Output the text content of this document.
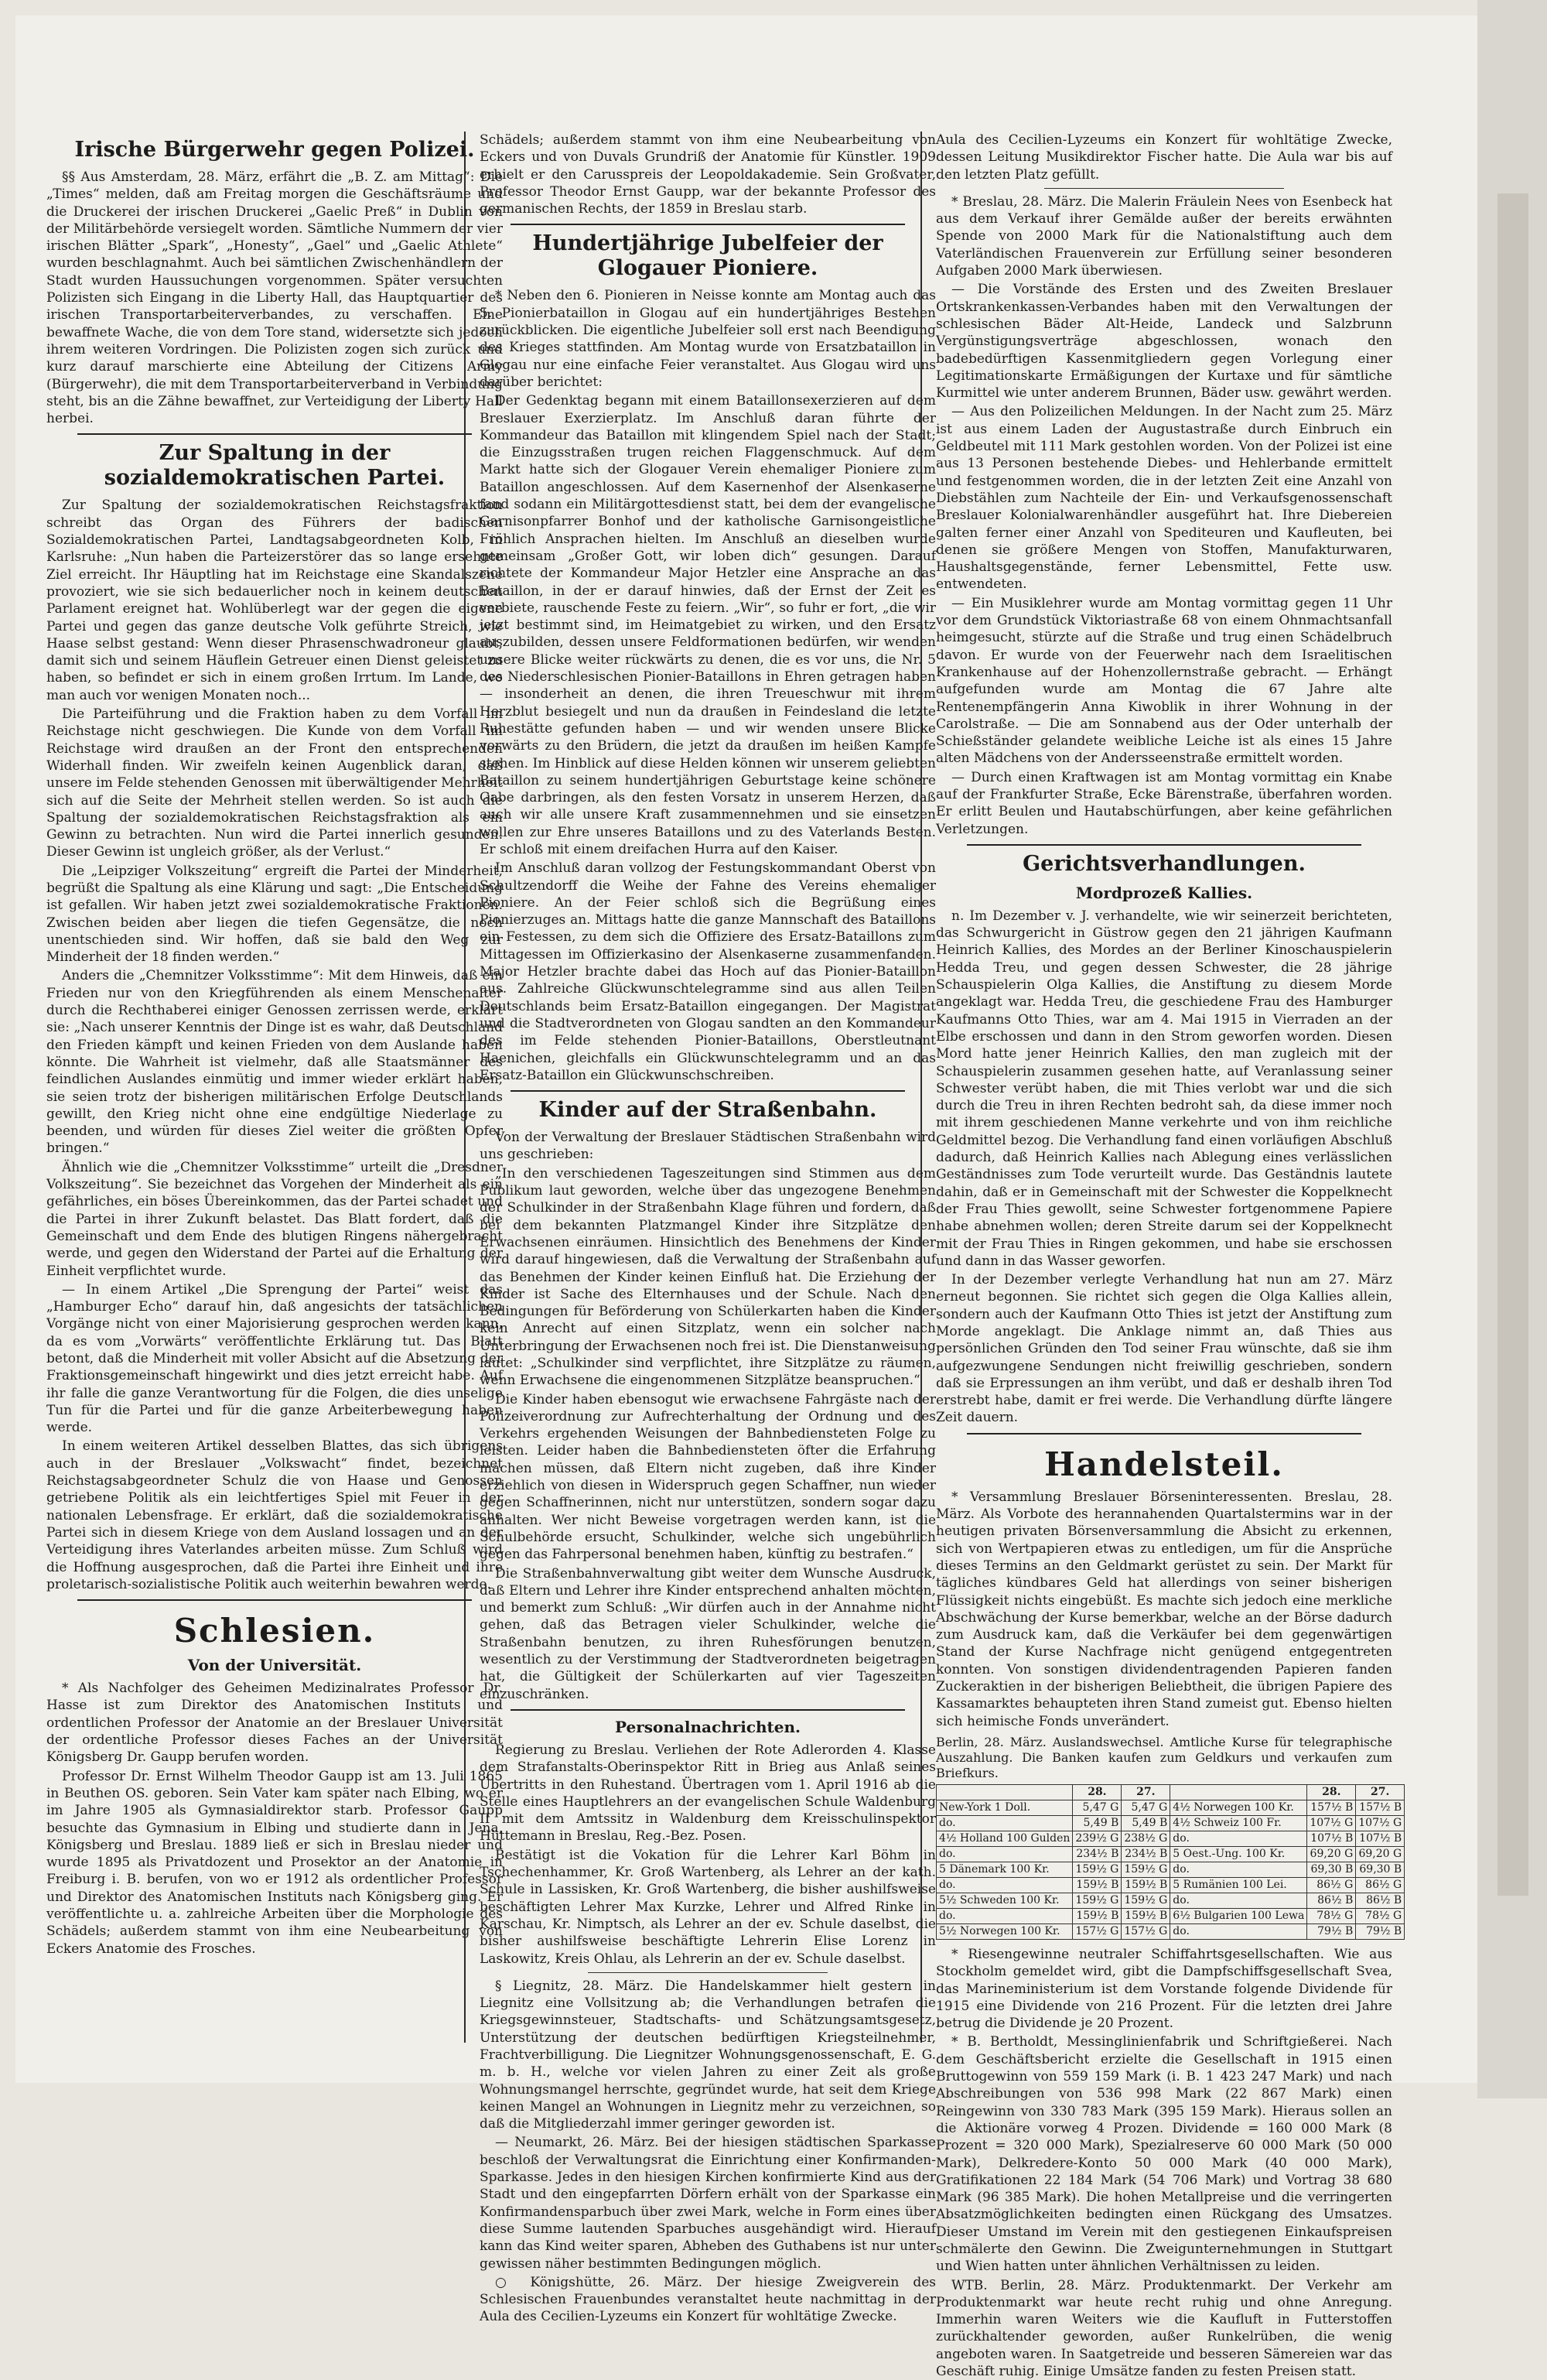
Irische Bürgerwehr gegen Polizei.

§§ Aus Amsterdam, 28. März, erfährt die „B. Z. am Mittag“: Die „Times“ melden, daß am Freitag morgen die Geschäftsräume und die Druckerei der irischen Druckerei „Gaelic Preß“ in Dublin von der Militärbehörde versiegelt worden. Sämtliche Nummern der vier irischen Blätter „Spark“, „Honesty“, „Gael“ und „Gaelic Athlete“ wurden beschlagnahmt. Auch bei sämtlichen Zwischenhändlern der Stadt wurden Haussuchungen vorgenommen. Später versuchten Polizisten sich Eingang in die Liberty Hall, das Hauptquartier des irischen Transportarbeiterverbandes, zu verschaffen. Eine bewaffnete Wache, die von dem Tore stand, widersetzte sich jedoch ihrem weiteren Vordringen. Die Polizisten zogen sich zurück und kurz darauf marschierte eine Abteilung der Citizens Army (Bürgerwehr), die mit dem Transportarbeiterverband in Verbindung steht, bis an die Zähne bewaffnet, zur Verteidigung der Liberty Hall herbei.

Zur Spaltung in der sozialdemokratischen Partei.

Zur Spaltung der sozialdemokratischen Reichstagsfraktion schreibt das Organ des Führers der badischen Sozialdemokratischen Partei, Landtagsabgeordneten Kolb, in Karlsruhe: „Nun haben die Parteizerstörer das so lange ersehnte Ziel erreicht. Ihr Häuptling hat im Reichstage eine Skandalszene provoziert, wie sie sich bedauerlicher noch in keinem deutschen Parlament ereignet hat. Wohlüberlegt war der gegen die eigene Partei und gegen das ganze deutsche Volk geführte Streich, wie Haase selbst gestand: Wenn dieser Phrasenschwadroneur glaubt, damit sich und seinem Häuflein Getreuer einen Dienst geleistet zu haben, so befindet er sich in einem großen Irrtum. Im Lande, wo man auch vor wenigen Monaten noch...

Die Parteiführung und die Fraktion haben zu dem Vorfall im Reichstage nicht geschwiegen. Die Kunde von dem Vorfall im Reichstage wird draußen an der Front den entsprechenden Widerhall finden. Wir zweifeln keinen Augenblick daran, daß unsere im Felde stehenden Genossen mit überwältigender Mehrheit sich auf die Seite der Mehrheit stellen werden. So ist auch die Spaltung der sozialdemokratischen Reichstagsfraktion als ein Gewinn zu betrachten. Nun wird die Partei innerlich gesunden. Dieser Gewinn ist ungleich größer, als der Verlust.“

Die „Leipziger Volkszeitung“ ergreift die Partei der Minderheit, begrüßt die Spaltung als eine Klärung und sagt: „Die Entscheidung ist gefallen. Wir haben jetzt zwei sozialdemokratische Fraktionen. Zwischen beiden aber liegen die tiefen Gegensätze, die noch unentschieden sind. Wir hoffen, daß sie bald den Weg zur Minderheit der 18 finden werden.“

Anders die „Chemnitzer Volksstimme“: Mit dem Hinweis, daß ein Frieden nur von den Kriegführenden als einem Menschenalter durch die Rechthaberei einiger Genossen zerrissen werde, erklärt sie: „Nach unserer Kenntnis der Dinge ist es wahr, daß Deutschland den Frieden kämpft und keinen Frieden von dem Auslande haben könnte. Die Wahrheit ist vielmehr, daß alle Staatsmänner des feindlichen Auslandes einmütig und immer wieder erklärt haben, sie seien trotz der bisherigen militärischen Erfolge Deutschlands gewillt, den Krieg nicht ohne eine endgültige Niederlage zu beenden, und würden für dieses Ziel weiter die größten Opfer bringen.“

Ähnlich wie die „Chemnitzer Volksstimme“ urteilt die „Dresdner Volkszeitung“. Sie bezeichnet das Vorgehen der Minderheit als ein gefährliches, ein böses Übereinkommen, das der Partei schadet und die Partei in ihrer Zukunft belastet. Das Blatt fordert, daß die Gemeinschaft und dem Ende des blutigen Ringens nähergebracht werde, und gegen den Widerstand der Partei auf die Erhaltung der Einheit verpflichtet wurde.

— In einem Artikel „Die Sprengung der Partei“ weist das „Hamburger Echo“ darauf hin, daß angesichts der tatsächlichen Vorgänge nicht von einer Majorisierung gesprochen werden kann, da es vom „Vorwärts“ veröffentlichte Erklärung tut. Das Blatt betont, daß die Minderheit mit voller Absicht auf die Absetzung der Fraktionsgemeinschaft hingewirkt und dies jetzt erreicht habe. Auf ihr falle die ganze Verantwortung für die Folgen, die dies unselige Tun für die Partei und für die ganze Arbeiterbewegung haben werde.

In einem weiteren Artikel desselben Blattes, das sich übrigens auch in der Breslauer „Volkswacht“ findet, bezeichnet Reichstagsabgeordneter Schulz die von Haase und Genossen getriebene Politik als ein leichtfertiges Spiel mit Feuer in der nationalen Lebensfrage. Er erklärt, daß die sozialdemokratische Partei sich in diesem Kriege von dem Ausland lossagen und an der Verteidigung ihres Vaterlandes arbeiten müsse. Zum Schluß wird die Hoffnung ausgesprochen, daß die Partei ihre Einheit und ihre proletarisch-sozialistische Politik auch weiterhin bewahren werde.

Schlesien.
Von der Universität.

* Als Nachfolger des Geheimen Medizinalrates Professor Dr. Hasse ist zum Direktor des Anatomischen Instituts und ordentlichen Professor der Anatomie an der Breslauer Universität der ordentliche Professor dieses Faches an der Universität Königsberg Dr. Gaupp berufen worden.

Professor Dr. Ernst Wilhelm Theodor Gaupp ist am 13. Juli 1865 in Beuthen OS. geboren. Sein Vater kam später nach Elbing, wo er im Jahre 1905 als Gymnasialdirektor starb. Professor Gaupp besuchte das Gymnasium in Elbing und studierte dann in Jena, Königsberg und Breslau. 1889 ließ er sich in Breslau nieder und wurde 1895 als Privatdozent und Prosektor an der Anatomie in Freiburg i. B. berufen, von wo er 1912 als ordentlicher Professor und Direktor des Anatomischen Instituts nach Königsberg ging. Er veröffentlichte u. a. zahlreiche Arbeiten über die Morphologie des Schädels; außerdem stammt von ihm eine Neubearbeitung von Eckers Anatomie des Frosches.

Schädels; außerdem stammt von ihm eine Neubearbeitung von Eckers und von Duvals Grundriß der Anatomie für Künstler. 1909 erhielt er den Carusspreis der Leopoldakademie. Sein Großvater, Professor Theodor Ernst Gaupp, war der bekannte Professor des germanischen Rechts, der 1859 in Breslau starb.

Hundertjährige Jubelfeier der Glogauer Pioniere.

* Neben den 6. Pionieren in Neisse konnte am Montag auch das 5. Pionierbataillon in Glogau auf ein hundertjähriges Bestehen zurückblicken. Die eigentliche Jubelfeier soll erst nach Beendigung des Krieges stattfinden. Am Montag wurde von Ersatzbataillon in Glogau nur eine einfache Feier veranstaltet. Aus Glogau wird uns darüber berichtet:

Der Gedenktag begann mit einem Bataillonsexerzieren auf dem Breslauer Exerzierplatz. Im Anschluß daran führte der Kommandeur das Bataillon mit klingendem Spiel nach der Stadt; die Einzugsstraßen trugen reichen Flaggenschmuck. Auf dem Markt hatte sich der Glogauer Verein ehemaliger Pioniere zum Bataillon angeschlossen. Auf dem Kasernenhof der Alsenkaserne fand sodann ein Militärgottesdienst statt, bei dem der evangelische Garnisonpfarrer Bonhof und der katholische Garnisongeistliche Fröhlich Ansprachen hielten. Im Anschluß an dieselben wurde gemeinsam „Großer Gott, wir loben dich“ gesungen. Darauf richtete der Kommandeur Major Hetzler eine Ansprache an das Bataillon, in der er darauf hinwies, daß der Ernst der Zeit es verbiete, rauschende Feste zu feiern. „Wir“, so fuhr er fort, „die wir jetzt bestimmt sind, im Heimatgebiet zu wirken, und den Ersatz auszubilden, dessen unsere Feldformationen bedürfen, wir wenden unsere Blicke weiter rückwärts zu denen, die es vor uns, die Nr. 5 des Niederschlesischen Pionier-Bataillons in Ehren getragen haben — insonderheit an denen, die ihren Treueschwur mit ihrem Herzblut besiegelt und nun da draußen in Feindesland die letzte Ruhestätte gefunden haben — und wir wenden unsere Blicke vorwärts zu den Brüdern, die jetzt da draußen im heißen Kampfe stehen. Im Hinblick auf diese Helden können wir unserem geliebten Bataillon zu seinem hundertjährigen Geburtstage keine schönere Gabe darbringen, als den festen Vorsatz in unserem Herzen, daß auch wir alle unsere Kraft zusammennehmen und sie einsetzen wollen zur Ehre unseres Bataillons und zu des Vaterlands Besten. Er schloß mit einem dreifachen Hurra auf den Kaiser.

Im Anschluß daran vollzog der Festungskommandant Oberst von Schultzendorff die Weihe der Fahne des Vereins ehemaliger Pioniere. An der Feier schloß sich die Begrüßung eines Pionierzuges an. Mittags hatte die ganze Mannschaft des Bataillons ein Festessen, zu dem sich die Offiziere des Ersatz-Bataillons zum Mittagessen im Offizierkasino der Alsenkaserne zusammenfanden. Major Hetzler brachte dabei das Hoch auf das Pionier-Bataillon aus. Zahlreiche Glückwunschtelegramme sind aus allen Teilen Deutschlands beim Ersatz-Bataillon eingegangen. Der Magistrat und die Stadtverordneten von Glogau sandten an den Kommandeur des im Felde stehenden Pionier-Bataillons, Oberstleutnant Haenichen, gleichfalls ein Glückwunschtelegramm und an das Ersatz-Bataillon ein Glückwunschschreiben.

Kinder auf der Straßenbahn.

Von der Verwaltung der Breslauer Städtischen Straßenbahn wird uns geschrieben:

„In den verschiedenen Tageszeitungen sind Stimmen aus dem Publikum laut geworden, welche über das ungezogene Benehmen der Schulkinder in der Straßenbahn Klage führen und fordern, daß bei dem bekannten Platzmangel Kinder ihre Sitzplätze den Erwachsenen einräumen. Hinsichtlich des Benehmens der Kinder wird darauf hingewiesen, daß die Verwaltung der Straßenbahn auf das Benehmen der Kinder keinen Einfluß hat. Die Erziehung der Kinder ist Sache des Elternhauses und der Schule. Nach den Bedingungen für Beförderung von Schülerkarten haben die Kinder kein Anrecht auf einen Sitzplatz, wenn ein solcher nach Unterbringung der Erwachsenen noch frei ist. Die Dienstanweisung lautet: „Schulkinder sind verpflichtet, ihre Sitzplätze zu räumen, wenn Erwachsene die eingenommenen Sitzplätze beanspruchen.“

Die Kinder haben ebensogut wie erwachsene Fahrgäste nach der Polizeiverordnung zur Aufrechterhaltung der Ordnung und des Verkehrs ergehenden Weisungen der Bahnbediensteten Folge zu leisten. Leider haben die Bahnbediensteten öfter die Erfahrung machen müssen, daß Eltern nicht zugeben, daß ihre Kinder erziehlich von diesen in Widerspruch gegen Schaffner, nun wieder gegen Schaffnerinnen, nicht nur unterstützen, sondern sogar dazu anhalten. Wer nicht Beweise vorgetragen werden kann, ist die Schulbehörde ersucht, Schulkinder, welche sich ungebührlich gegen das Fahrpersonal benehmen haben, künftig zu bestrafen.“

Die Straßenbahnverwaltung gibt weiter dem Wunsche Ausdruck, daß Eltern und Lehrer ihre Kinder entsprechend anhalten möchten, und bemerkt zum Schluß: „Wir dürfen auch in der Annahme nicht gehen, daß das Betragen vieler Schulkinder, welche die Straßenbahn benutzen, zu ihren Ruhesförungen benutzen, wesentlich zu der Verstimmung der Stadtverordneten beigetragen hat, die Gültigkeit der Schülerkarten auf vier Tageszeiten einzuschränken.

Personalnachrichten.

Regierung zu Breslau. Verliehen der Rote Adlerorden 4. Klasse dem Strafanstalts-Oberinspektor Ritt in Brieg aus Anlaß seines Übertritts in den Ruhestand. Übertragen vom 1. April 1916 ab die Stelle eines Hauptlehrers an der evangelischen Schule Waldenburg II mit dem Amtssitz in Waldenburg dem Kreisschulinspektor Hüttemann in Breslau, Reg.-Bez. Posen.

Bestätigt ist die Vokation für die Lehrer Karl Böhm in Tschechenhammer, Kr. Groß Wartenberg, als Lehrer an der kath. Schule in Lassisken, Kr. Groß Wartenberg, die bisher aushilfsweise beschäftigten Lehrer Max Kurzke, Lehrer und Alfred Rinke in Karschau, Kr. Nimptsch, als Lehrer an der ev. Schule daselbst, die bisher aushilfsweise beschäftigte Lehrerin Elise Lorenz in Laskowitz, Kreis Ohlau, als Lehrerin an der ev. Schule daselbst.

§ Liegnitz, 28. März. Die Handelskammer hielt gestern in Liegnitz eine Vollsitzung ab; die Verhandlungen betrafen die Kriegsgewinnsteuer, Stadtschafts- und Schätzungsamtsgesetz, Unterstützung der deutschen bedürftigen Kriegsteilnehmer, Frachtverbilligung. Die Liegnitzer Wohnungsgenossenschaft, E. G. m. b. H., welche vor vielen Jahren zu einer Zeit als große Wohnungsmangel herrschte, gegründet wurde, hat seit dem Kriege keinen Mangel an Wohnungen in Liegnitz mehr zu verzeichnen, so daß die Mitgliederzahl immer geringer geworden ist.

— Neumarkt, 26. März. Bei der hiesigen städtischen Sparkasse beschloß der Verwaltungsrat die Einrichtung einer Konfirmanden-Sparkasse. Jedes in den hiesigen Kirchen konfirmierte Kind aus der Stadt und den eingepfarrten Dörfern erhält von der Sparkasse ein Konfirmandensparbuch über zwei Mark, welche in Form eines über diese Summe lautenden Sparbuches ausgehändigt wird. Hierauf kann das Kind weiter sparen, Abheben des Guthabens ist nur unter gewissen näher bestimmten Bedingungen möglich.

○ Königshütte, 26. März. Der hiesige Zweigverein des Schlesischen Frauenbundes veranstaltet heute nachmittag in der Aula des Cecilien-Lyzeums ein Konzert für wohltätige Zwecke.

Aula des Cecilien-Lyzeums ein Konzert für wohltätige Zwecke, dessen Leitung Musikdirektor Fischer hatte. Die Aula war bis auf den letzten Platz gefüllt.

* Breslau, 28. März. Die Malerin Fräulein Nees von Esenbeck hat aus dem Verkauf ihrer Gemälde außer der bereits erwähnten Spende von 2000 Mark für die Nationalstiftung auch dem Vaterländischen Frauenverein zur Erfüllung seiner besonderen Aufgaben 2000 Mark überwiesen.

— Die Vorstände des Ersten und des Zweiten Breslauer Ortskrankenkassen-Verbandes haben mit den Verwaltungen der schlesischen Bäder Alt-Heide, Landeck und Salzbrunn Vergünstigungsverträge abgeschlossen, wonach den badebedürftigen Kassenmitgliedern gegen Vorlegung einer Legitimationskarte Ermäßigungen der Kurtaxe und für sämtliche Kurmittel wie unter anderem Brunnen, Bäder usw. gewährt werden.

— Aus den Polizeilichen Meldungen. In der Nacht zum 25. März ist aus einem Laden der Augustastraße durch Einbruch ein Geldbeutel mit 111 Mark gestohlen worden. Von der Polizei ist eine aus 13 Personen bestehende Diebes- und Hehlerbande ermittelt und festgenommen worden, die in der letzten Zeit eine Anzahl von Diebstählen zum Nachteile der Ein- und Verkaufsgenossenschaft Breslauer Kolonialwarenhändler ausgeführt hat. Ihre Diebereien galten ferner einer Anzahl von Spediteuren und Kaufleuten, bei denen sie größere Mengen von Stoffen, Manufakturwaren, Haushaltsgegenstände, ferner Lebensmittel, Fette usw. entwendeten.

— Ein Musiklehrer wurde am Montag vormittag gegen 11 Uhr vor dem Grundstück Viktoriastraße 68 von einem Ohnmachtsanfall heimgesucht, stürzte auf die Straße und trug einen Schädelbruch davon. Er wurde von der Feuerwehr nach dem Israelitischen Krankenhause auf der Hohenzollernstraße gebracht. — Erhängt aufgefunden wurde am Montag die 67 Jahre alte Rentenempfängerin Anna Kiwoblik in ihrer Wohnung in der Carolstraße. — Die am Sonnabend aus der Oder unterhalb der Schießständer gelandete weibliche Leiche ist als eines 15 Jahre alten Mädchens von der Andersseenstraße ermittelt worden.

— Durch einen Kraftwagen ist am Montag vormittag ein Knabe auf der Frankfurter Straße, Ecke Bärenstraße, überfahren worden. Er erlitt Beulen und Hautabschürfungen, aber keine gefährlichen Verletzungen.

Gerichtsverhandlungen.
Mordprozeß Kallies.

n. Im Dezember v. J. verhandelte, wie wir seinerzeit berichteten, das Schwurgericht in Güstrow gegen den 21 jährigen Kaufmann Heinrich Kallies, des Mordes an der Berliner Kinoschauspielerin Hedda Treu, und gegen dessen Schwester, die 28 jährige Schauspielerin Olga Kallies, die Anstiftung zu diesem Morde angeklagt war. Hedda Treu, die geschiedene Frau des Hamburger Kaufmanns Otto Thies, war am 4. Mai 1915 in Vierraden an der Elbe erschossen und dann in den Strom geworfen worden. Diesen Mord hatte jener Heinrich Kallies, den man zugleich mit der Schauspielerin zusammen gesehen hatte, auf Veranlassung seiner Schwester verübt haben, die mit Thies verlobt war und die sich durch die Treu in ihren Rechten bedroht sah, da diese immer noch mit ihrem geschiedenen Manne verkehrte und von ihm reichliche Geldmittel bezog. Die Verhandlung fand einen vorläufigen Abschluß dadurch, daß Heinrich Kallies nach Ablegung eines verlässlichen Geständnisses zum Tode verurteilt wurde. Das Geständnis lautete dahin, daß er in Gemeinschaft mit der Schwester die Koppelknecht der Frau Thies gewollt, seine Schwester fortgenommene Papiere habe abnehmen wollen; deren Streite darum sei der Koppelknecht mit der Frau Thies in Ringen gekommen, und habe sie erschossen und dann in das Wasser geworfen.

In der Dezember verlegte Verhandlung hat nun am 27. März erneut begonnen. Sie richtet sich gegen die Olga Kallies allein, sondern auch der Kaufmann Otto Thies ist jetzt der Anstiftung zum Morde angeklagt. Die Anklage nimmt an, daß Thies aus persönlichen Gründen den Tod seiner Frau wünschte, daß sie ihm aufgezwungene Sendungen nicht freiwillig geschrieben, sondern daß sie Erpressungen an ihm verübt, und daß er deshalb ihren Tod erstrebt habe, damit er frei werde. Die Verhandlung dürfte längere Zeit dauern.

Handelsteil.

* Versammlung Breslauer Börseninteressenten. Breslau, 28. März. Als Vorbote des herannahenden Quartalstermins war in der heutigen privaten Börsenversammlung die Absicht zu erkennen, sich von Wertpapieren etwas zu entledigen, um für die Ansprüche dieses Termins an den Geldmarkt gerüstet zu sein. Der Markt für tägliches kündbares Geld hat allerdings von seiner bisherigen Flüssigkeit nichts eingebüßt. Es machte sich jedoch eine merkliche Abschwächung der Kurse bemerkbar, welche an der Börse dadurch zum Ausdruck kam, daß die Verkäufer bei dem gegenwärtigen Stand der Kurse Nachfrage nicht genügend entgegentreten konnten. Von sonstigen dividendentragenden Papieren fanden Zuckeraktien in der bisherigen Beliebtheit, die übrigen Papiere des Kassamarktes behaupteten ihren Stand zumeist gut. Ebenso hielten sich heimische Fonds unverändert.

Berlin, 28. März. Auslandswechsel. Amtliche Kurse für telegraphische Auszahlung. Die Banken kaufen zum Geldkurs und verkaufen zum Briefkurs.
	28.	27.		28.	27.
New-York 1 Doll.	5,47 G	5,47 G	4½ Norwegen 100 Kr.	157½ B	157½ B
do.	5,49 B	5,49 B	4½ Schweiz 100 Fr.	107½ G	107½ G
4½ Holland 100 Gulden	239½ G	238½ G	do.	107½ B	107½ B
do.	234½ B	234½ B	5 Oest.-Ung. 100 Kr.	69,20 G	69,20 G
5 Dänemark 100 Kr.	159½ G	159½ G	do.	69,30 B	69,30 B
do.	159½ B	159½ B	5 Rumänien 100 Lei.	86½ G	86½ G
5½ Schweden 100 Kr.	159½ G	159½ G	do.	86½ B	86½ B
do.	159½ B	159½ B	6½ Bulgarien 100 Lewa	78½ G	78½ G
5½ Norwegen 100 Kr.	157½ G	157½ G	do.	79½ B	79½ B

* Riesengewinne neutraler Schiffahrtsgesellschaften. Wie aus Stockholm gemeldet wird, gibt die Dampfschiffsgesellschaft Svea, das Marineministerium ist dem Vorstande folgende Dividende für 1915 eine Dividende von 216 Prozent. Für die letzten drei Jahre betrug die Dividende je 20 Prozent.

* B. Bertholdt, Messinglinienfabrik und Schriftgießerei. Nach dem Geschäftsbericht erzielte die Gesellschaft in 1915 einen Bruttogewinn von 559 159 Mark (i. B. 1 423 247 Mark) und nach Abschreibungen von 536 998 Mark (22 867 Mark) einen Reingewinn von 330 783 Mark (395 159 Mark). Hieraus sollen an die Aktionäre vorweg 4 Prozen. Dividende = 160 000 Mark (8 Prozent = 320 000 Mark), Spezialreserve 60 000 Mark (50 000 Mark), Delkredere-Konto 50 000 Mark (40 000 Mark), Gratifikationen 22 184 Mark (54 706 Mark) und Vortrag 38 680 Mark (96 385 Mark). Die hohen Metallpreise und die verringerten Absatzmöglichkeiten bedingten einen Rückgang des Umsatzes. Dieser Umstand im Verein mit den gestiegenen Einkaufspreisen schmälerte den Gewinn. Die Zweigunternehmungen in Stuttgart und Wien hatten unter ähnlichen Verhältnissen zu leiden.

WTB. Berlin, 28. März. Produktenmarkt. Der Verkehr am Produktenmarkt war heute recht ruhig und ohne Anregung. Immerhin waren Weiters wie die Kaufluft in Futterstoffen zurückhaltender geworden, außer Runkelrüben, die wenig angeboten waren. In Saatgetreide und besseren Sämereien war das Geschäft ruhig. Einige Umsätze fanden zu festen Preisen statt.
